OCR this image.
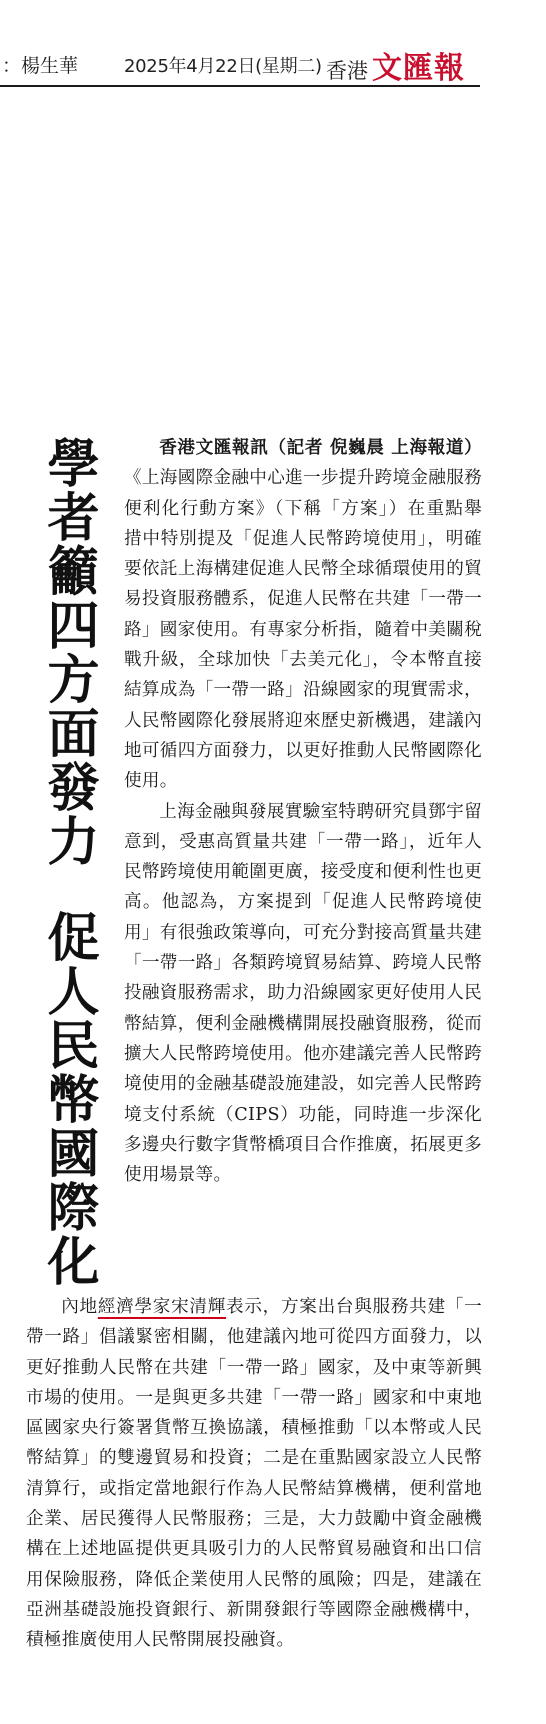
：楊生華	2025年4月22日(星期二) 香港 文匯報
學者籲四方面發力促人民幣國際化

香港文匯報訊（記者 倪巍晨 上海報道）《上海國際金融中心進一步提升跨境金融服務便利化行動方案》（下稱「方案」）在重點舉措中特別提及「促進人民幣跨境使用」，明確要依託上海構建促進人民幣全球循環使用的貿易投資服務體系，促進人民幣在共建「一帶一路」國家使用。有專家分析指，隨着中美關稅戰升級，全球加快「去美元化」，令本幣直接結算成為「一帶一路」沿線國家的現實需求，人民幣國際化發展將迎來歷史新機遇，建議內地可循四方面發力，以更好推動人民幣國際化使用。

上海金融與發展實驗室特聘研究員鄧宇留意到，受惠高質量共建「一帶一路」，近年人民幣跨境使用範圍更廣，接受度和便利性也更高。他認為，方案提到「促進人民幣跨境使用」有很強政策導向，可充分對接高質量共建「一帶一路」各類跨境貿易結算、跨境人民幣投融資服務需求，助力沿線國家更好使用人民幣結算，便利金融機構開展投融資服務，從而擴大人民幣跨境使用。他亦建議完善人民幣跨境使用的金融基礎設施建設，如完善人民幣跨境支付系統（CIPS）功能，同時進一步深化多邊央行數字貨幣橋項目合作推廣，拓展更多使用場景等。

內地經濟學家宋清輝表示，方案出台與服務共建「一帶一路」倡議緊密相關，他建議內地可從四方面發力，以更好推動人民幣在共建「一帶一路」國家，及中東等新興市場的使用。一是與更多共建「一帶一路」國家和中東地區國家央行簽署貨幣互換協議，積極推動「以本幣或人民幣結算」的雙邊貿易和投資；二是在重點國家設立人民幣清算行，或指定當地銀行作為人民幣結算機構，便利當地企業、居民獲得人民幣服務；三是，大力鼓勵中資金融機構在上述地區提供更具吸引力的人民幣貿易融資和出口信用保險服務，降低企業使用人民幣的風險；四是，建議在亞洲基礎設施投資銀行、新開發銀行等國際金融機構中，積極推廣使用人民幣開展投融資。
